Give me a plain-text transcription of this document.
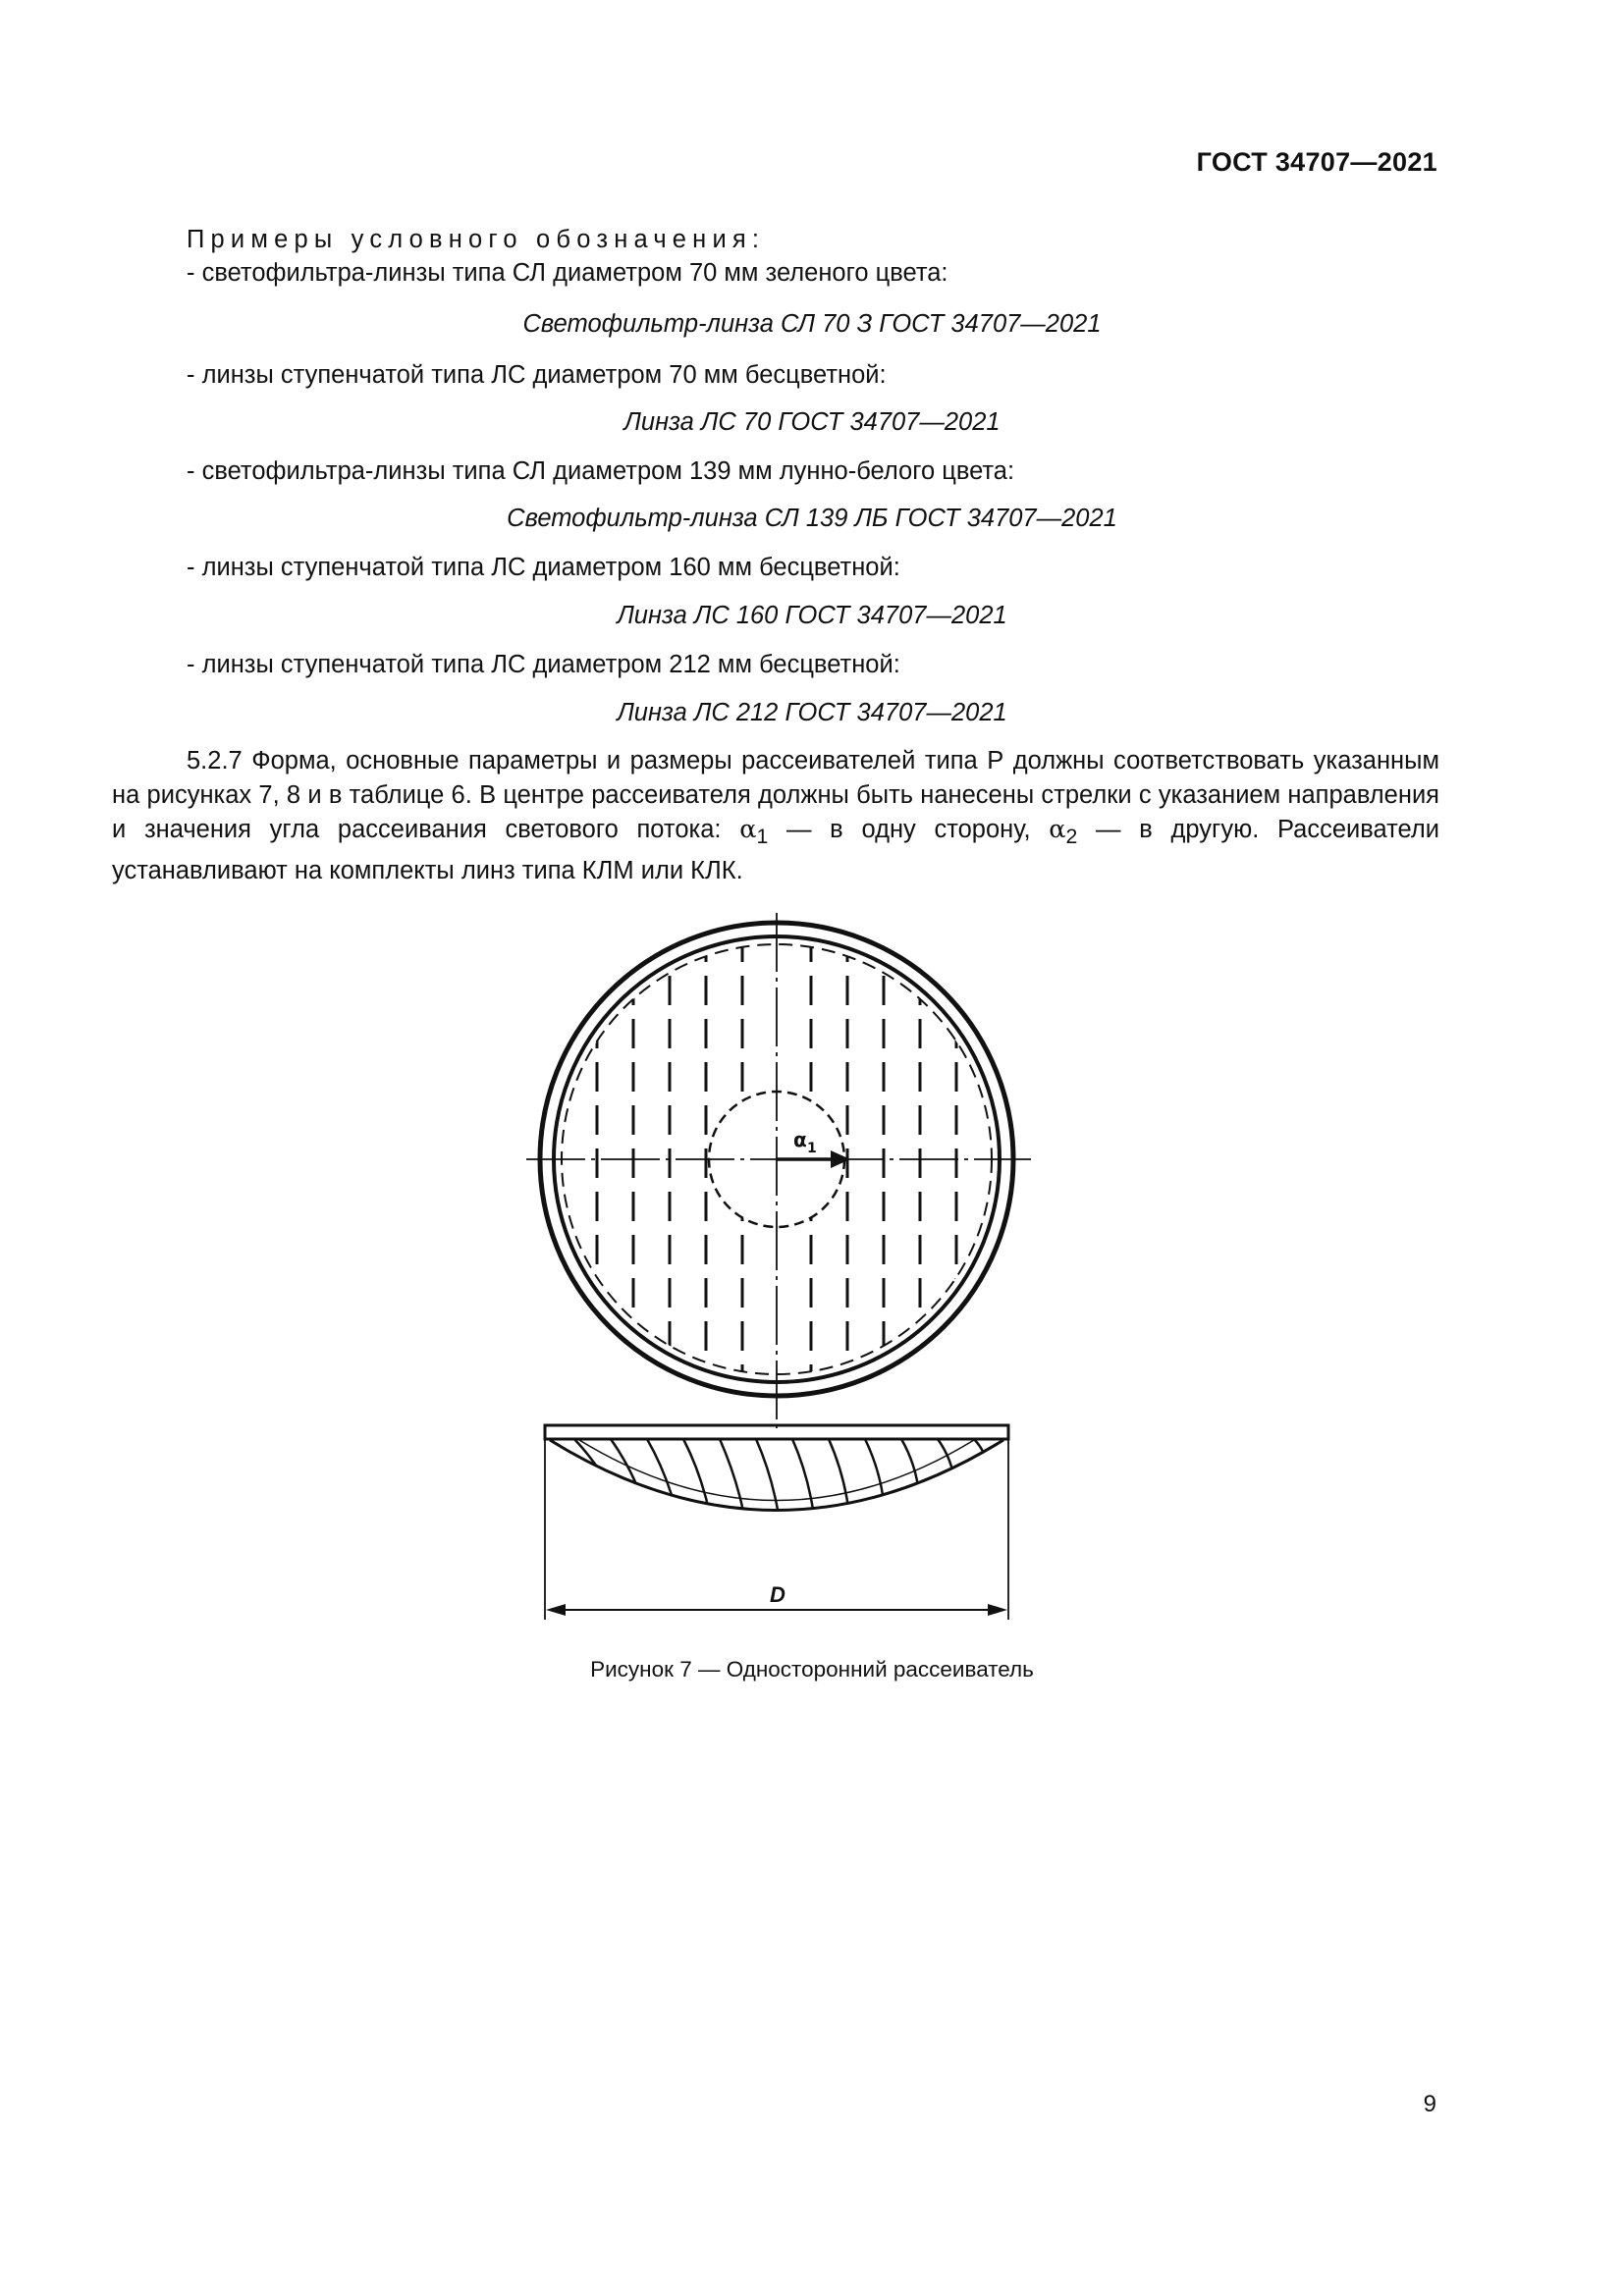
ГОСТ 34707—2021
Примеры условного обозначения:
- светофильтра-линзы типа СЛ диаметром 70 мм зеленого цвета:
Светофильтр-линза СЛ 70 З ГОСТ 34707—2021
- линзы ступенчатой типа ЛС диаметром 70 мм бесцветной:
Линза ЛС 70 ГОСТ 34707—2021
- светофильтра-линзы типа СЛ диаметром 139 мм лунно-белого цвета:
Светофильтр-линза СЛ 139 ЛБ ГОСТ 34707—2021
- линзы ступенчатой типа ЛС диаметром 160 мм бесцветной:
Линза ЛС 160 ГОСТ 34707—2021
- линзы ступенчатой типа ЛС диаметром 212 мм бесцветной:
Линза ЛС 212 ГОСТ 34707—2021
5.2.7 Форма, основные параметры и размеры рассеивателей типа Р должны соответствовать указанным на рисунках 7, 8 и в таблице 6. В центре рассеивателя должны быть нанесены стрелки с указанием направления и значения угла рассеивания светового потока: $\alpha_1$ — в одну сторону, $\alpha_2$ — в другую. Рассеиватели устанавливают на комплекты линз типа КЛМ или КЛК.
α 1
D
Рисунок 7 — Односторонний рассеиватель
9
